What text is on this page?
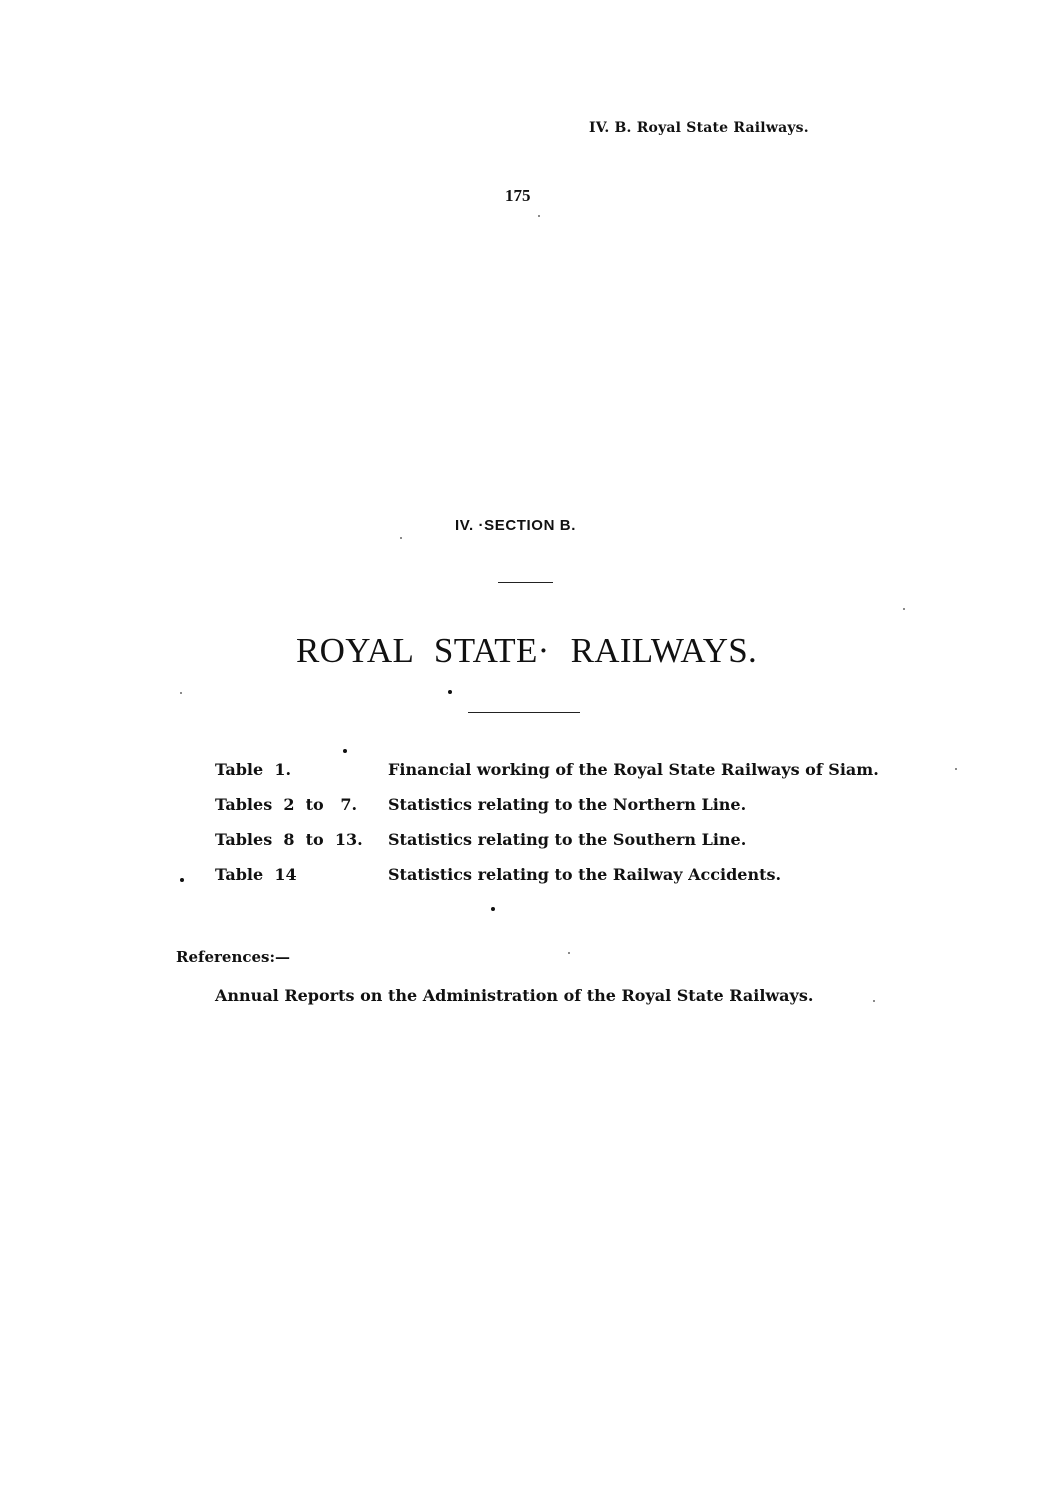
IV. B. Royal State Railways.
175
IV. ·SECTION B.
ROYAL STATE· RAILWAYS.
Table  1.	Financial working of the Royal State Railways of Siam.
Tables  2  to   7.	Statistics relating to the Northern Line.
Tables  8  to  13.	Statistics relating to the Southern Line.
Table  14	Statistics relating to the Railway Accidents.
References:—
Annual Reports on the Administration of the Royal State Railways.
